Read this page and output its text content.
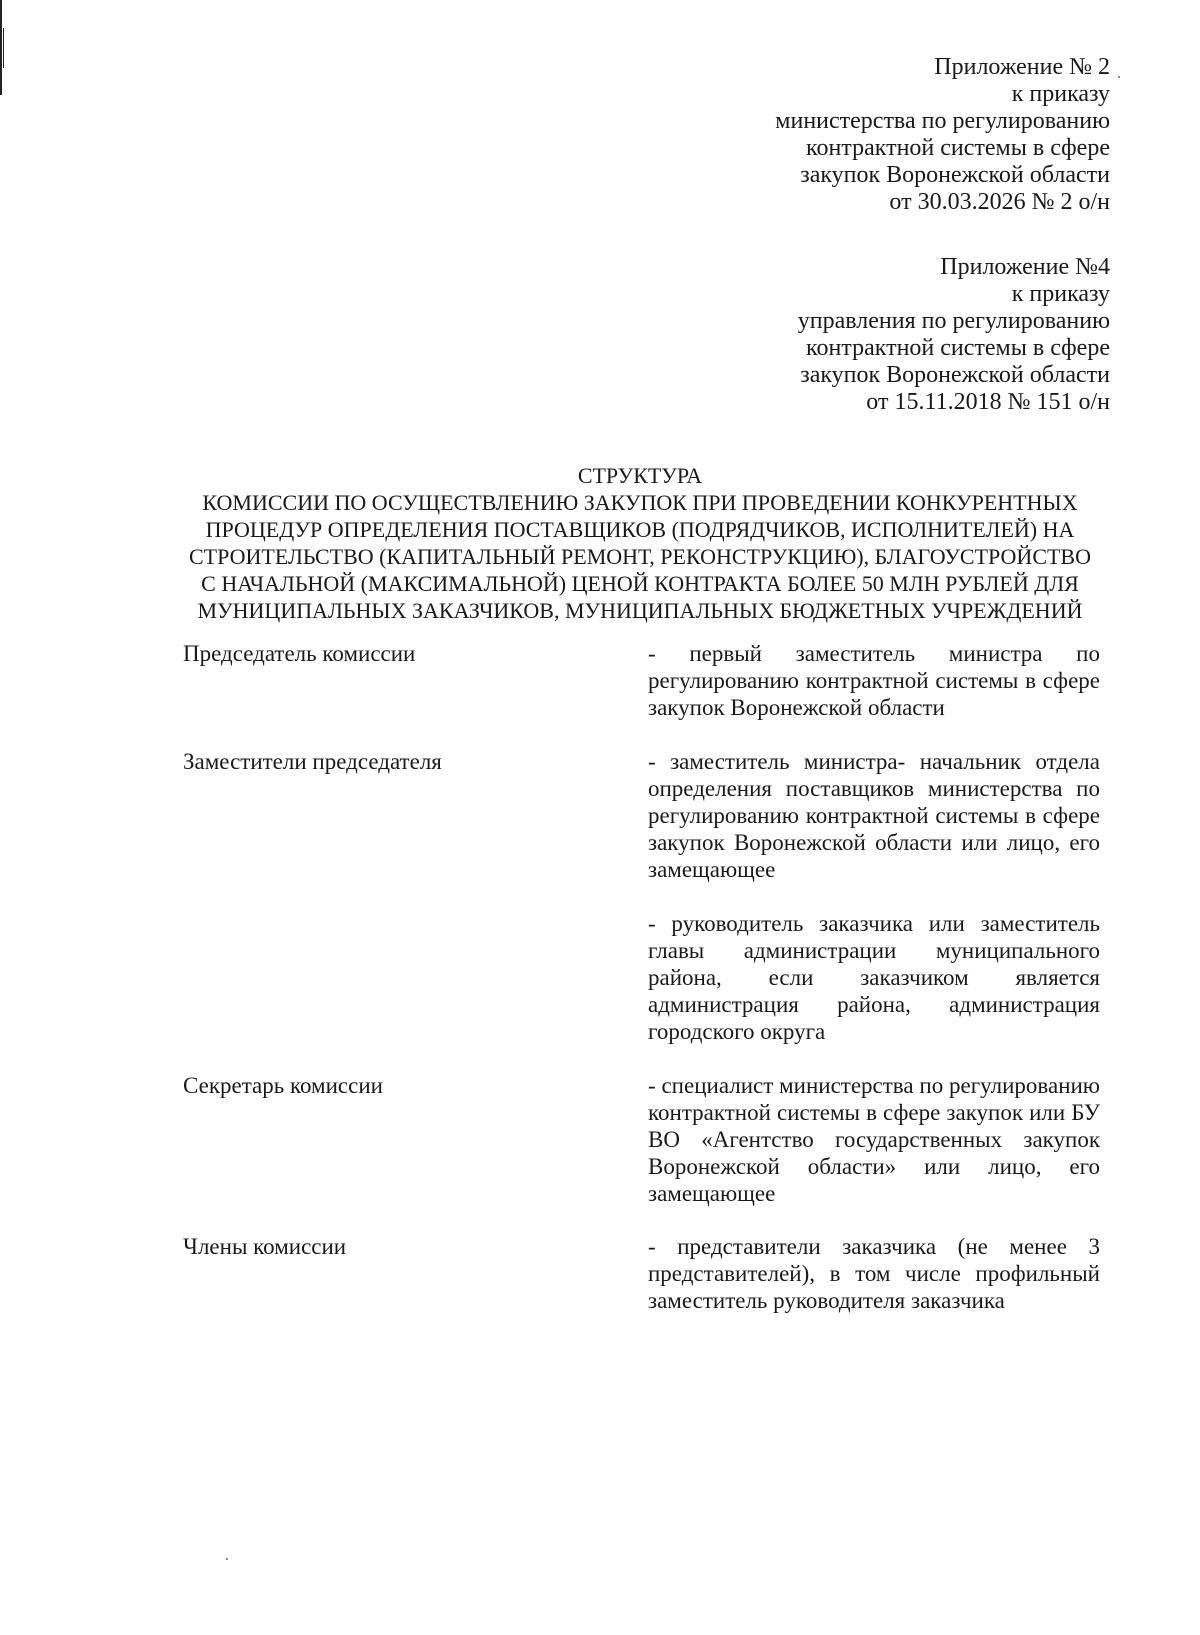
Приложение № 2
к приказу
министерства по регулированию
контрактной системы в сфере
закупок Воронежской области
от 30.03.2026 № 2 о/н
Приложение №4
к приказу
управления по регулированию
контрактной системы в сфере
закупок Воронежской области
от 15.11.2018 № 151 о/н
СТРУКТУРА
КОМИССИИ ПО ОСУЩЕСТВЛЕНИЮ ЗАКУПОК ПРИ ПРОВЕДЕНИИ КОНКУРЕНТНЫХ
ПРОЦЕДУР ОПРЕДЕЛЕНИЯ ПОСТАВЩИКОВ (ПОДРЯДЧИКОВ, ИСПОЛНИТЕЛЕЙ) НА
СТРОИТЕЛЬСТВО (КАПИТАЛЬНЫЙ РЕМОНТ, РЕКОНСТРУКЦИЮ), БЛАГОУСТРОЙСТВО
С НАЧАЛЬНОЙ (МАКСИМАЛЬНОЙ) ЦЕНОЙ КОНТРАКТА БОЛЕЕ 50 МЛН РУБЛЕЙ ДЛЯ
МУНИЦИПАЛЬНЫХ ЗАКАЗЧИКОВ, МУНИЦИПАЛЬНЫХ БЮДЖЕТНЫХ УЧРЕЖДЕНИЙ
Председатель комиссии	- первый заместитель министра по регулированию контрактной системы в сфере закупок Воронежской области
Заместители председателя	- заместитель министра- начальник отдела определения поставщиков министерства по регулированию контрактной системы в сфере закупок Воронежской области или лицо, его замещающее
- руководитель заказчика или заместитель главы администрации муниципального района, если заказчиком является администрация района, администрация городского округа
Секретарь комиссии	- специалист министерства по регулированию контрактной системы в сфере закупок или БУ ВО «Агентство государственных закупок Воронежской области» или лицо, его замещающее
Члены комиссии	- представители заказчика (не менее 3 представителей), в том числе профильный заместитель руководителя заказчика
